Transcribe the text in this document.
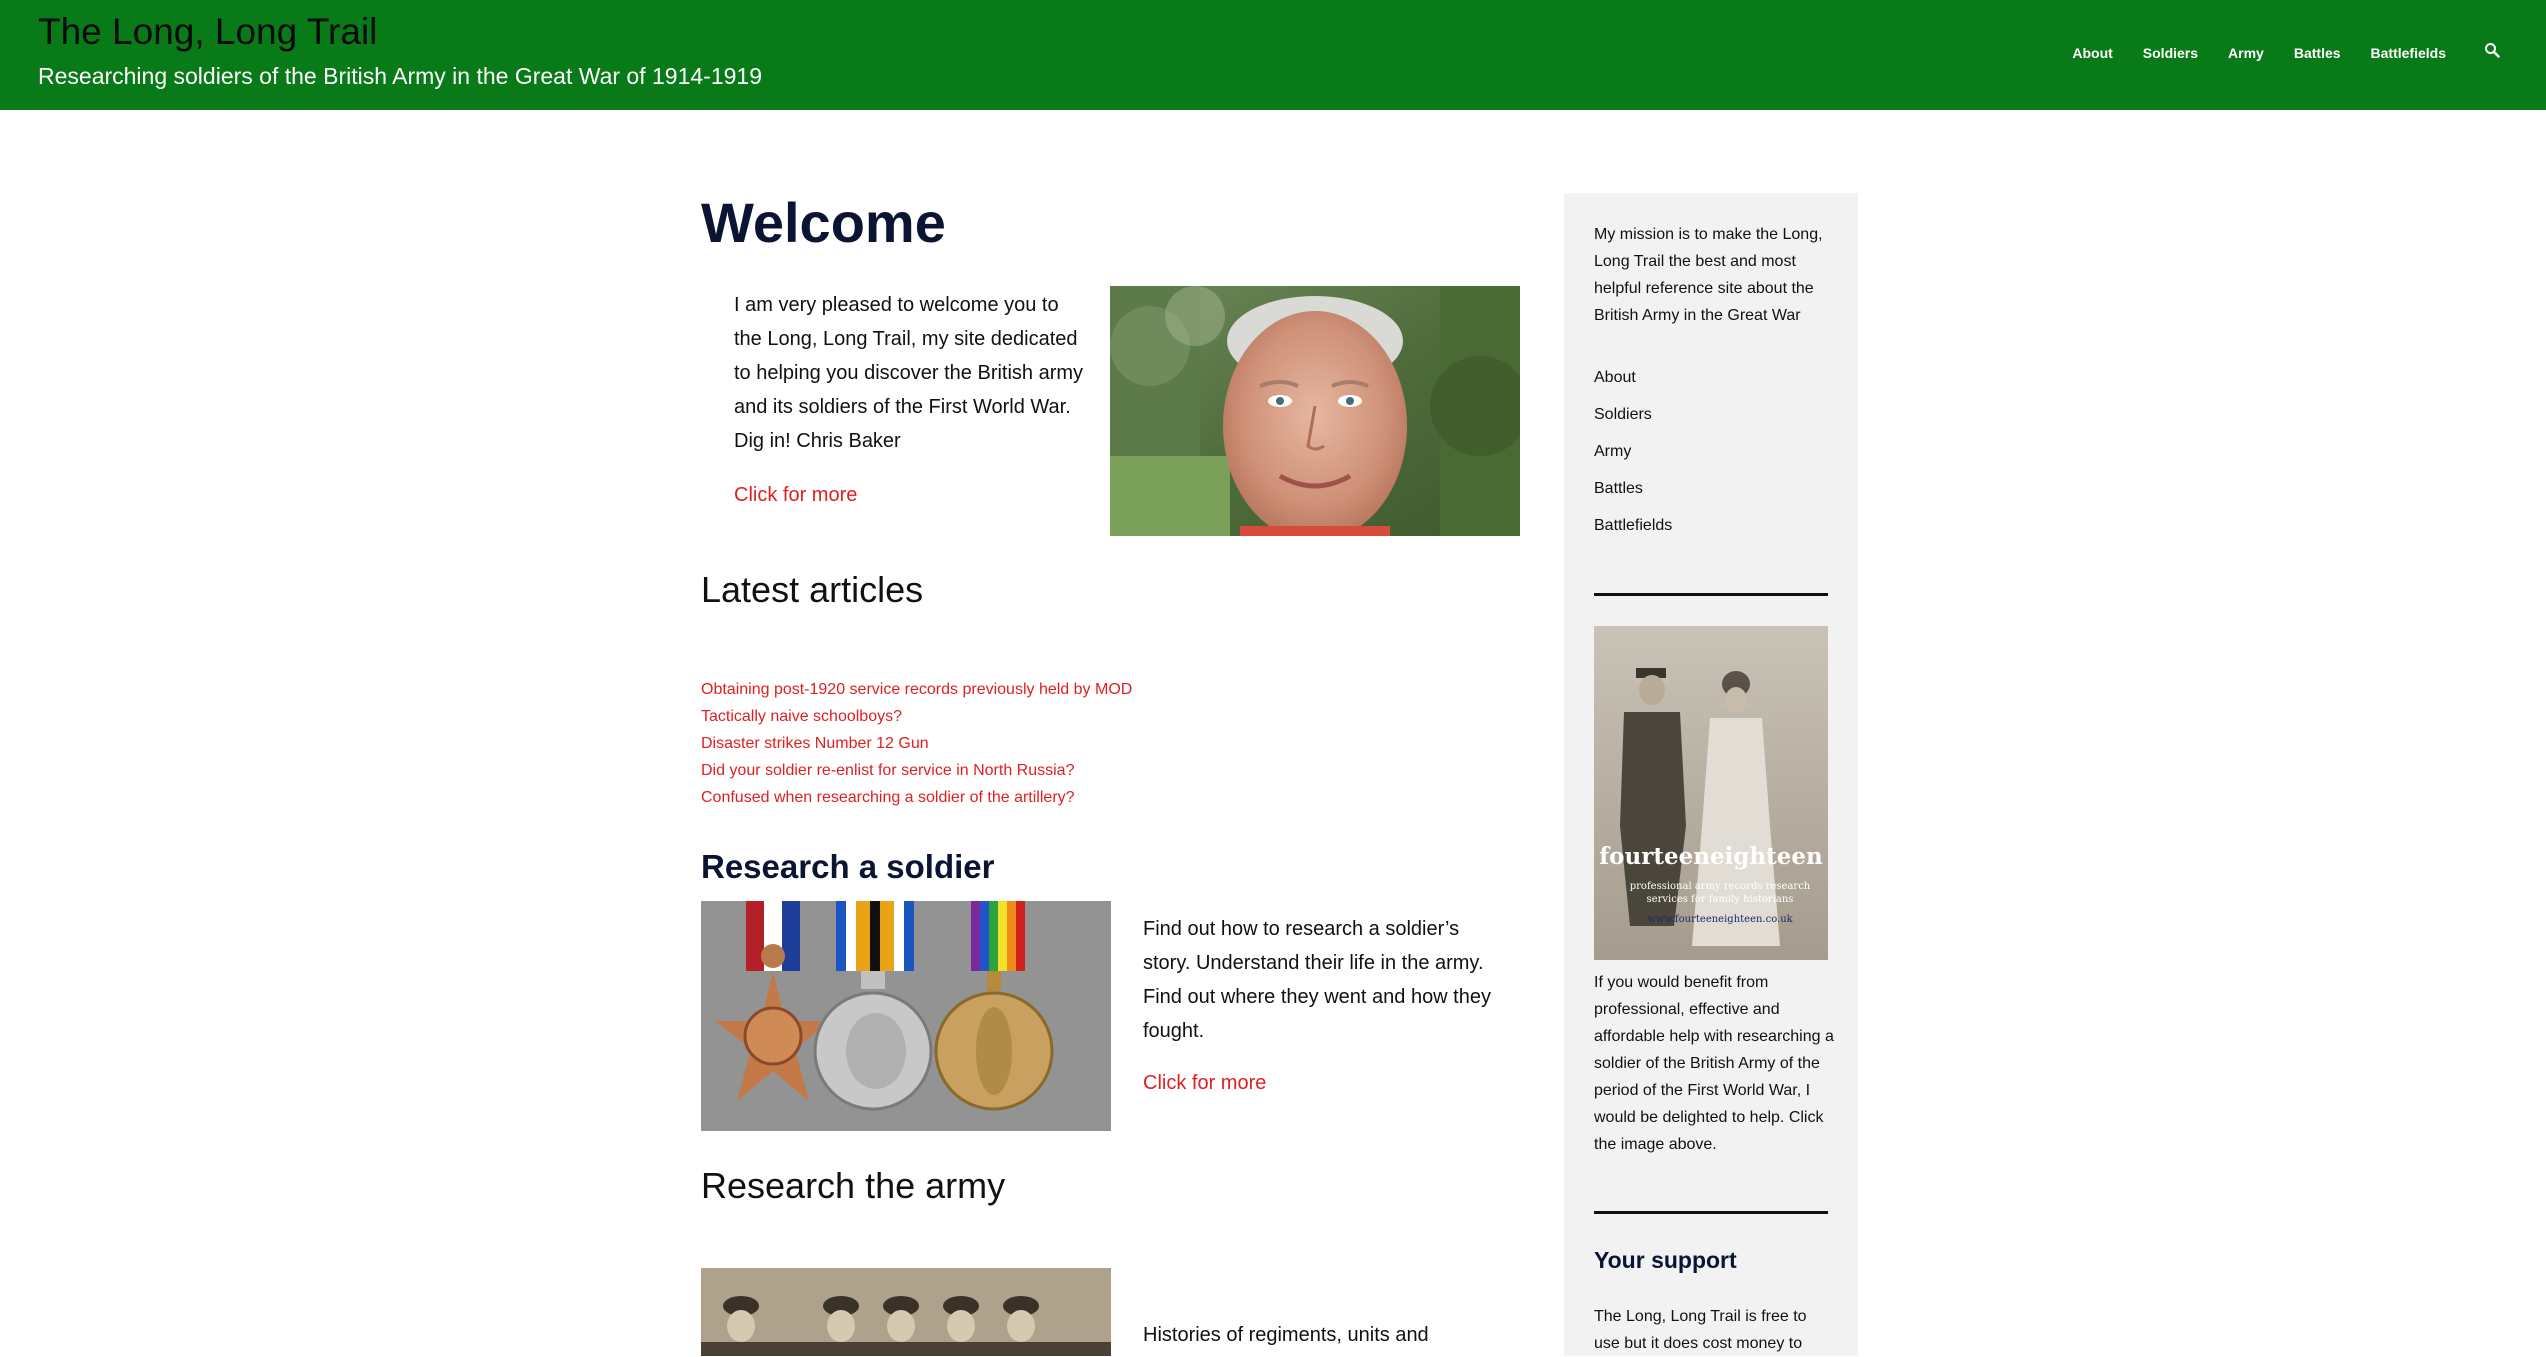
The Long, Long Trail

Researching soldiers of the British Army in the Great War of 1914-1919

About Soldiers Army Battles Battlefields
Welcome

I am very pleased to welcome you to the Long, Long Trail, my site dedicated to helping you discover the British army and its soldiers of the First World War. Dig in! Chris Baker

Click for more
Latest articles
Obtaining post-1920 service records previously held by MOD
Tactically naive schoolboys?
Disaster strikes Number 12 Gun
Did your soldier re-enlist for service in North Russia?
Confused when researching a soldier of the artillery?
Research a soldier

Find out how to research a soldier’s story. Understand their life in the army. Find out where they went and how they fought.

Click for more
Research the army

Histories of regiments, units and

My mission is to make the Long, Long Trail the best and most helpful reference site about the British Army in the Great War

About
Soldiers
Army
Battles
Battlefields
fourteeneighteen
professional army records research
services for family historians
www.fourteeneighteen.co.uk

If you would benefit from professional, effective and affordable help with researching a soldier of the British Army of the period of the First World War, I would be delighted to help. Click the image above.

Your support

The Long, Long Trail is free to use but it does cost money to
